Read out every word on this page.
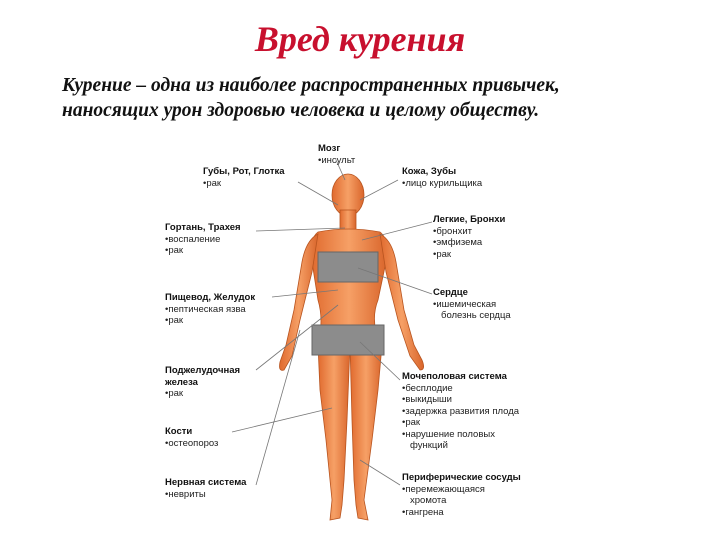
Вред курения
Курение – одна из наиболее распространенных привычек,
наносящих урон здоровью человека и целому обществу.
Мозг
• инсульт
Губы, Рот, Глотка
• рак
Кожа, Зубы
• лицо курильщика
Гортань, Трахея
• воспаление
• рак
Легкие, Бронхи
• бронхит
• эмфизема
• рак
Пищевод, Желудок
• пептическая язва
• рак
Сердце
• ишемическая
болезнь сердца
Поджелудочная
железа
• рак
Мочеполовая система
• бесплодие
• выкидыши
• задержка развития плода
• рак
• нарушение половых
функций
Кости
• остеопороз
Нервная система
• невриты
Периферические сосуды
• перемежающаяся
хромота
• гангрена
